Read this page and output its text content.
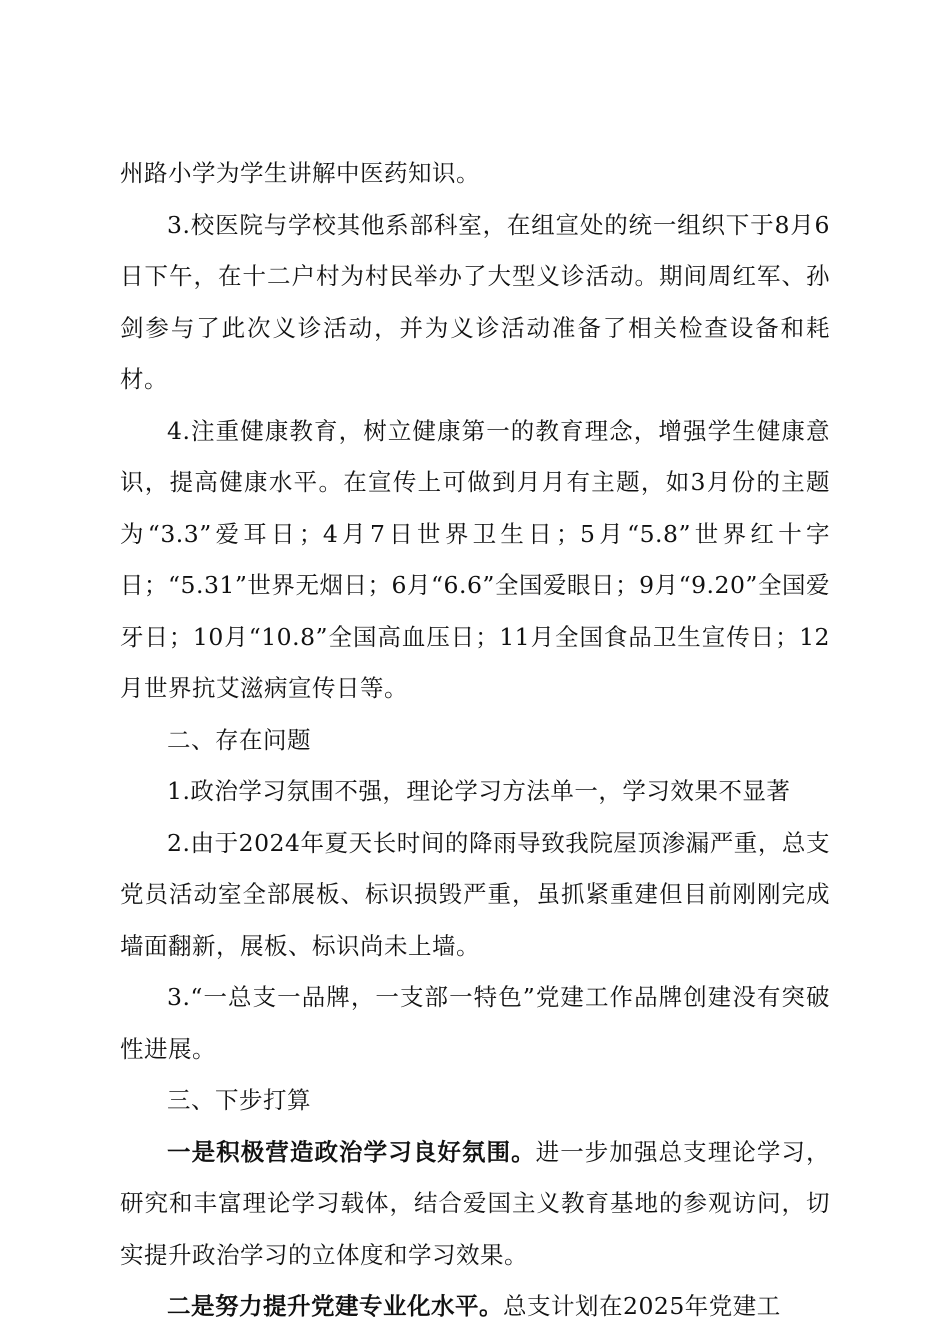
州路小学为学生讲解中医药知识。

3.校医院与学校其他系部科室，在组宣处的统一组织下于8月6日下午，在十二户村为村民举办了大型义诊活动。期间周红军、孙剑参与了此次义诊活动，并为义诊活动准备了相关检查设备和耗材。

4.注重健康教育，树立健康第一的教育理念，增强学生健康意识，提高健康水平。在宣传上可做到月月有主题，如3月份的主题为“3.3”爱耳日；4月7日世界卫生日；5月“5.8”世界红十字日；“5.31”世界无烟日；6月“6.6”全国爱眼日；9月“9.20”全国爱牙日；10月“10.8”全国高血压日；11月全国食品卫生宣传日；12月世界抗艾滋病宣传日等。

二、存在问题

1.政治学习氛围不强，理论学习方法单一，学习效果不显著

2.由于2024年夏天长时间的降雨导致我院屋顶渗漏严重，总支党员活动室全部展板、标识损毁严重，虽抓紧重建但目前刚刚完成墙面翻新，展板、标识尚未上墙。

3.“一总支一品牌，一支部一特色”党建工作品牌创建没有突破性进展。

三、下步打算

一是积极营造政治学习良好氛围。进一步加强总支理论学习，研究和丰富理论学习载体，结合爱国主义教育基地的参观访问，切实提升政治学习的立体度和学习效果。

二是努力提升党建专业化水平。总支计划在2025年党建工
